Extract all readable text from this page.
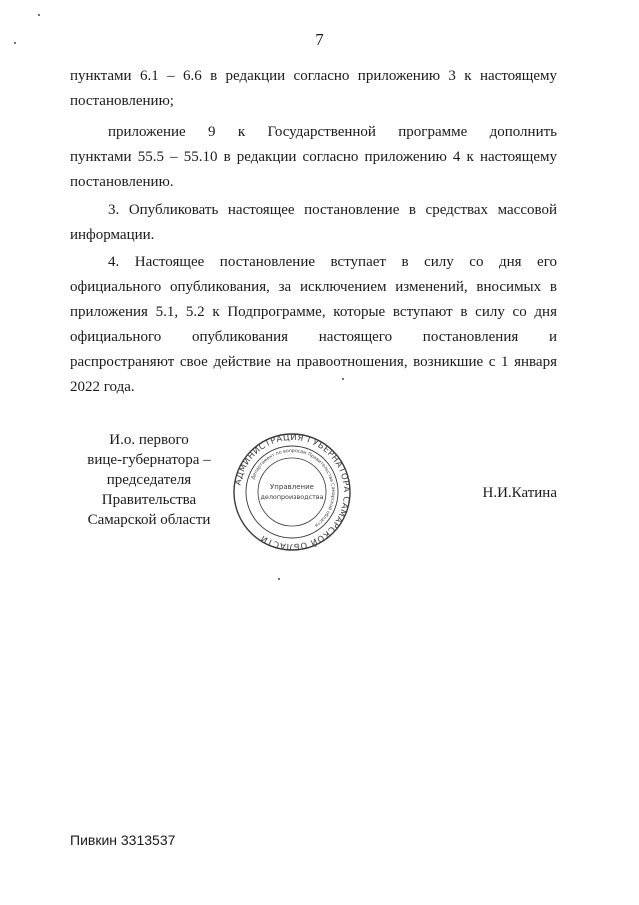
7
пунктами 6.1 – 6.6 в редакции согласно приложению 3 к настоящему
постановлению;
приложение 9 к Государственной программе дополнить
пунктами 55.5 – 55.10 в редакции согласно приложению 4 к настоящему
постановлению.
3. Опубликовать настоящее постановление в средствах массовой
информации.
4. Настоящее постановление вступает в силу со дня его
официального опубликования, за исключением изменений, вносимых в
приложения 5.1, 5.2 к Подпрограмме, которые вступают в силу со дня
официального опубликования настоящего постановления и
распространяют свое действие на правоотношения, возникшие с 1 января
2022 года.
И.о. первого
вице-губернатора –
председателя Правительства
Самарской области
Н.И.Катина
АДМИНИСТРАЦИЯ ГУБЕРНАТОРА САМАРСКОЙ ОБЛАСТИ
Департамент по вопросам Правительства Самарской области
Управление
делопроизводства
Пивкин 3313537
